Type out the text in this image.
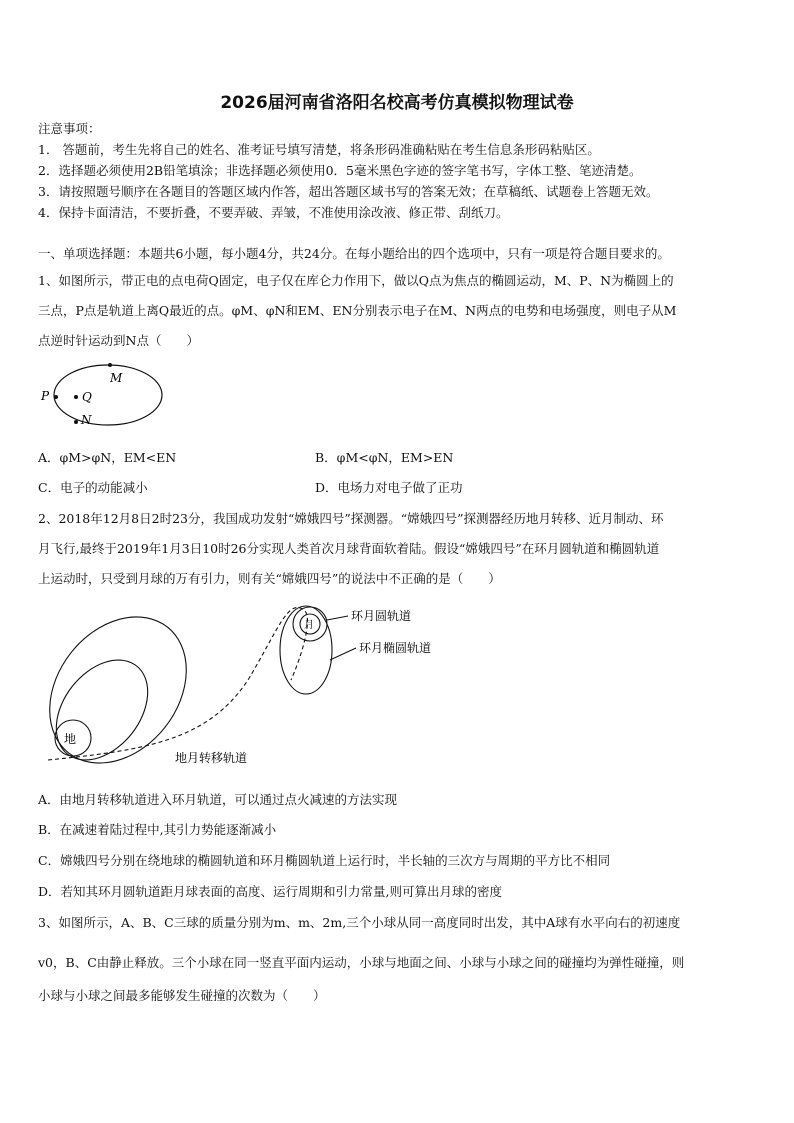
2026届河南省洛阳名校高考仿真模拟物理试卷
注意事项：
1． 答题前，考生先将自己的姓名、准考证号填写清楚，将条形码准确粘贴在考生信息条形码粘贴区。
2．选择题必须使用2B铅笔填涂；非选择题必须使用0．5毫米黑色字迹的签字笔书写，字体工整、笔迹清楚。
3．请按照题号顺序在各题目的答题区域内作答，超出答题区域书写的答案无效；在草稿纸、试题卷上答题无效。
4．保持卡面清洁，不要折叠，不要弄破、弄皱，不准使用涂改液、修正带、刮纸刀。
一、单项选择题：本题共6小题，每小题4分，共24分。在每小题给出的四个选项中，只有一项是符合题目要求的。
1、如图所示，带正电的点电荷Q固定，电子仅在库仑力作用下，做以Q点为焦点的椭圆运动，M、P、N为椭圆上的
三点，P点是轨道上离Q最近的点。φM、φN和EM、EN分别表示电子在M、N两点的电势和电场强度，则电子从M
点逆时针运动到N点（　　）
M
P	Q
N
A．φM>φN，EM<EN	B．φM<φN，EM>EN
C．电子的动能减小	D．电场力对电子做了正功
2、2018年12月8日2时23分，我国成功发射“嫦娥四号”探测器。“嫦娥四号”探测器经历地月转移、近月制动、环
月飞行,最终于2019年1月3日10时26分实现人类首次月球背面软着陆。假设“嫦娥四号”在环月圆轨道和椭圆轨道
上运动时，只受到月球的万有引力，则有关“嫦娥四号”的说法中不正确的是（　　）
地
月
环月圆轨道
环月椭圆轨道
地月转移轨道
A．由地月转移轨道进入环月轨道，可以通过点火减速的方法实现
B．在减速着陆过程中,其引力势能逐渐减小
C．嫦娥四号分别在绕地球的椭圆轨道和环月椭圆轨道上运行时，半长轴的三次方与周期的平方比不相同
D．若知其环月圆轨道距月球表面的高度、运行周期和引力常量,则可算出月球的密度
3、如图所示，A、B、C三球的质量分别为m、m、2m,三个小球从同一高度同时出发，其中A球有水平向右的初速度
v0，B、C由静止释放。三个小球在同一竖直平面内运动，小球与地面之间、小球与小球之间的碰撞均为弹性碰撞，则
小球与小球之间最多能够发生碰撞的次数为（　　）
